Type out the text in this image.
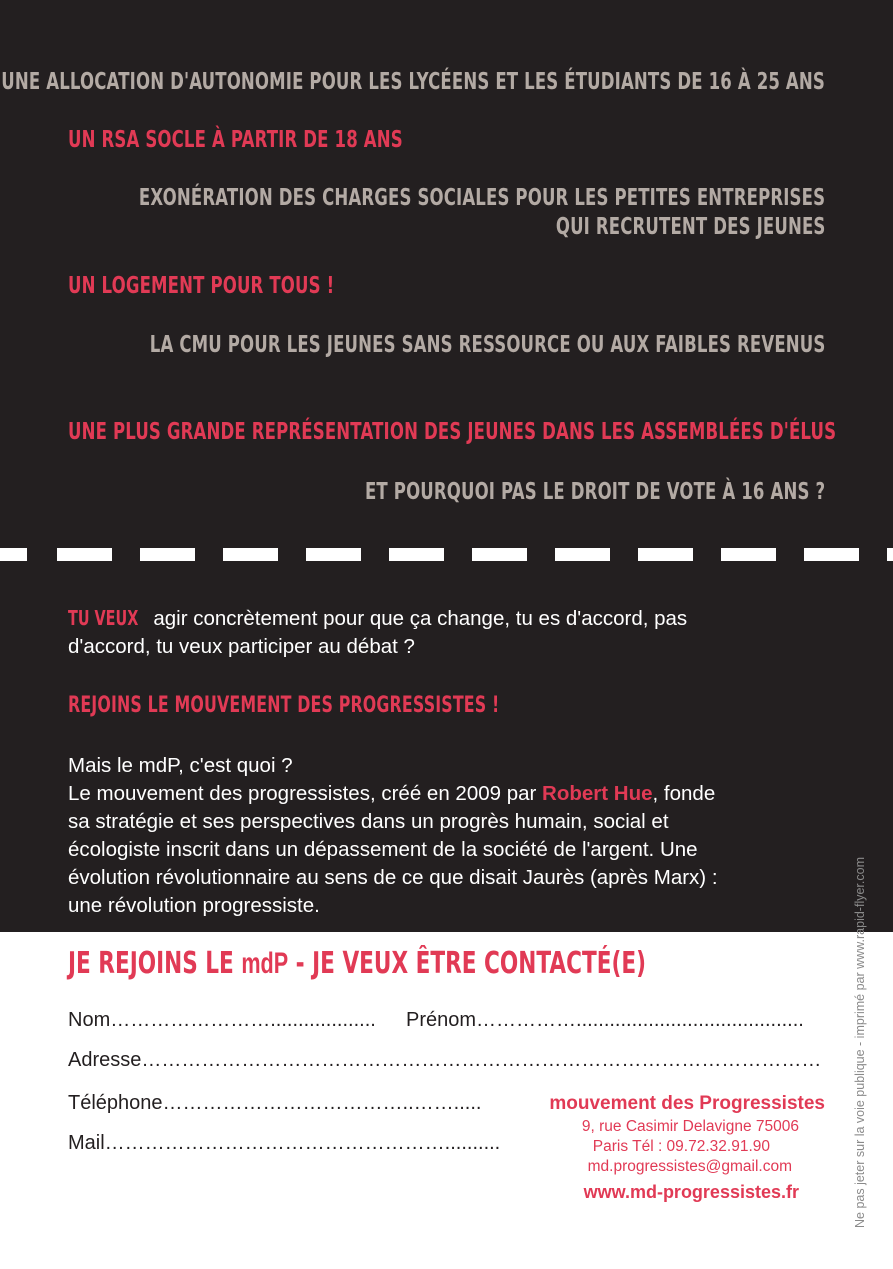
UNE ALLOCATION D'AUTONOMIE POUR LES LYCÉENS ET LES ÉTUDIANTS DE 16 À 25 ANS
UN RSA SOCLE À PARTIR DE 18 ANS
EXONÉRATION DES CHARGES SOCIALES POUR LES PETITES ENTREPRISES
QUI RECRUTENT DES JEUNES
UN LOGEMENT POUR TOUS !
LA CMU POUR LES JEUNES SANS RESSOURCE OU AUX FAIBLES REVENUS
UNE PLUS GRANDE REPRÉSENTATION DES JEUNES DANS LES ASSEMBLÉES D'ÉLUS
ET POURQUOI PAS LE DROIT DE VOTE À 16 ANS ?
TU VEUX agir concrètement pour que ça change, tu es d'accord, pas
d'accord, tu veux participer au débat ?
REJOINS LE MOUVEMENT DES PROGRESSISTES !
Mais le mdP, c'est quoi ?
Le mouvement des progressistes, créé en 2009 par Robert Hue, fonde
sa stratégie et ses perspectives dans un progrès humain, social et
écologiste inscrit dans un dépassement de la société de l'argent. Une
évolution révolutionnaire au sens de ce que disait Jaurès (après Marx) :
une révolution progressiste.
JE REJOINS LE mdP - JE VEUX ÊTRE CONTACTÉ(E)
Nom……………………................... Prénom…………….........................................
Adresse…………………………………………………………………………………………
Téléphone………………………………..…….....
Mail……………………………………………..........
mouvement des Progressistes
9, rue Casimir Delavigne 75006
Paris Tél : 09.72.32.91.90
md.progressistes@gmail.com
www.md-progressistes.fr	Ne pas jeter sur la voie publique - imprimé par www.rapid-flyer.com
